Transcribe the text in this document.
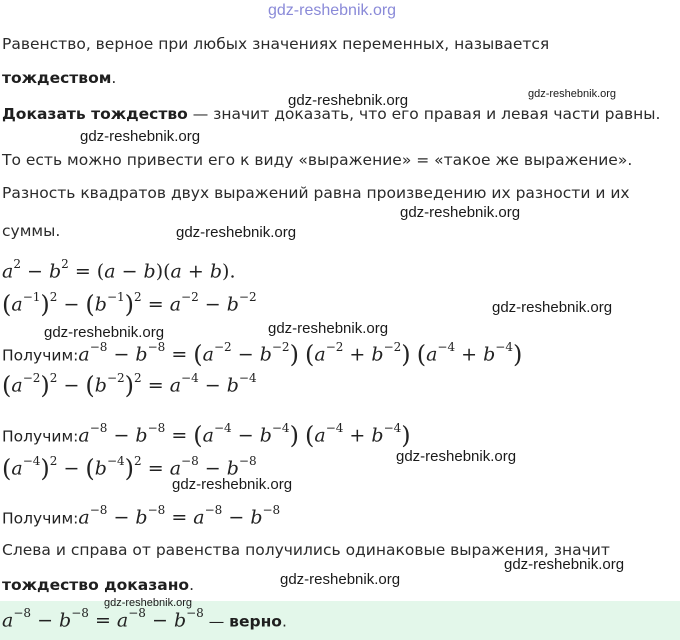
gdz-reshebnik.org
Равенство, верное при любых значениях переменных, называется
тождеством.
Доказать тождество — значит доказать, что его правая и левая части равны.
То есть можно привести его к виду «выражение» = «такое же выражение».
Разность квадратов двух выражений равна произведению их разности и их
суммы.
$a^2 - b^2 = (a - b)(a + b)$.
$(a^{-1})^2 - (b^{-1})^2 = a^{-2} - b^{-2}$
$Получим:a^{-8} - b^{-8} = (a^{-2} - b^{-2}) (a^{-2} + b^{-2}) (a^{-4} + b^{-4})$
$(a^{-2})^2 - (b^{-2})^2 = a^{-4} - b^{-4}$
$Получим:a^{-8} - b^{-8} = (a^{-4} - b^{-4}) (a^{-4} + b^{-4})$
$(a^{-4})^2 - (b^{-4})^2 = a^{-8} - b^{-8}$
$Получим:a^{-8} - b^{-8} = a^{-8} - b^{-8}$
Слева и справа от равенства получились одинаковые выражения, значит
тождество доказано.
$a^{-8} - b^{-8} = a^{-8} - b^{-8}$ — верно.
gdz-reshebnik.org	gdz-reshebnik.org
gdz-reshebnik.org
gdz-reshebnik.org
gdz-reshebnik.org
gdz-reshebnik.org
gdz-reshebnik.org
gdz-reshebnik.org
gdz-reshebnik.org
gdz-reshebnik.org
gdz-reshebnik.org
gdz-reshebnik.org
gdz-reshebnik.org
